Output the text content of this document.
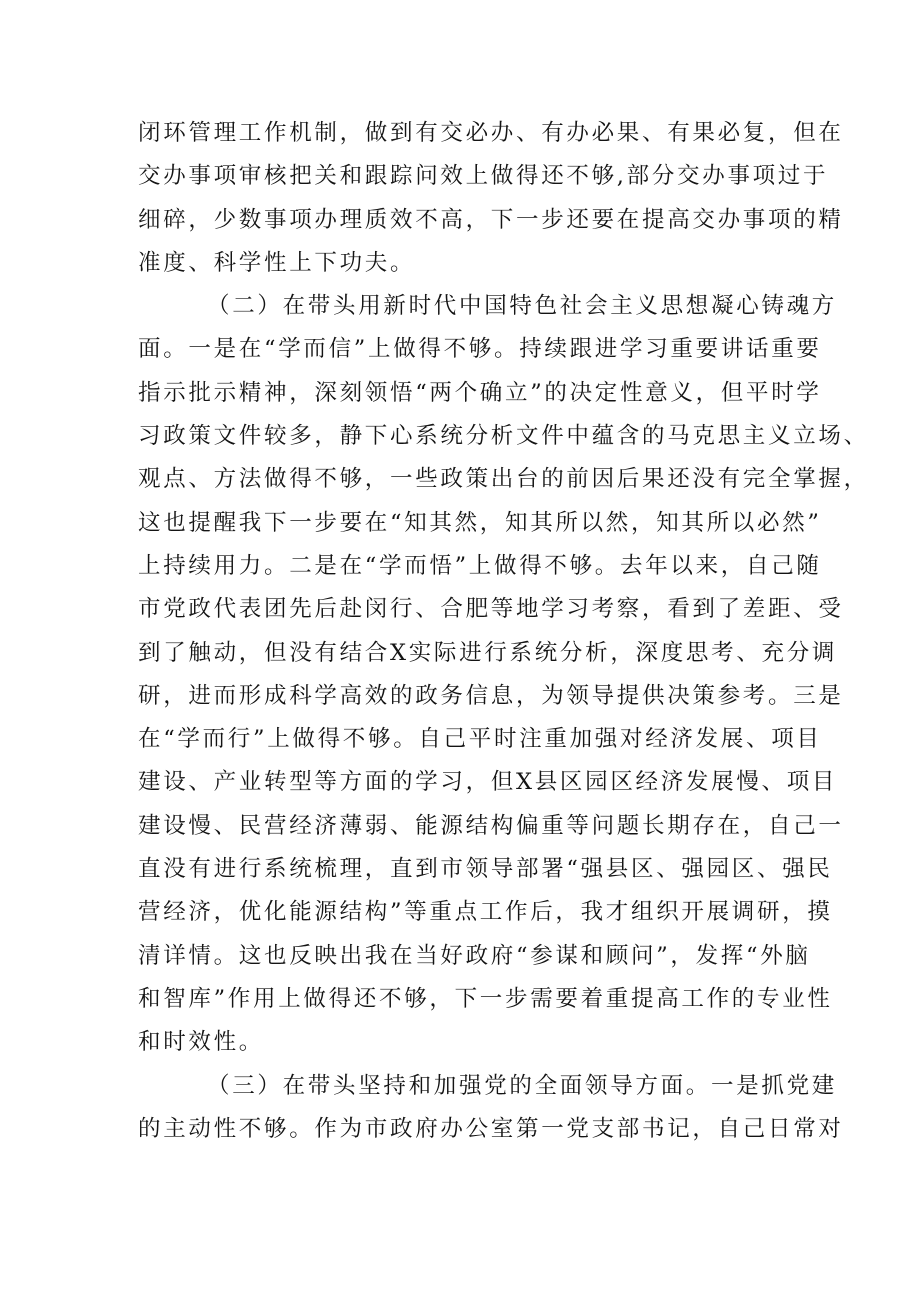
闭环管理工作机制，做到有交必办、有办必果、有果必复，但在
交办事项审核把关和跟踪问效上做得还不够,部分交办事项过于
细碎，少数事项办理质效不高，下一步还要在提高交办事项的精
准度、科学性上下功夫。
（二）在带头用新时代中国特色社会主义思想凝心铸魂方
面。一是在“学而信”上做得不够。持续跟进学习重要讲话重要
指示批示精神，深刻领悟“两个确立”的决定性意义，但平时学
习政策文件较多，静下心系统分析文件中蕴含的马克思主义立场、
观点、方法做得不够，一些政策出台的前因后果还没有完全掌握，
这也提醒我下一步要在“知其然，知其所以然，知其所以必然”
上持续用力。二是在“学而悟”上做得不够。去年以来，自己随
市党政代表团先后赴闵行、合肥等地学习考察，看到了差距、受
到了触动，但没有结合X实际进行系统分析，深度思考、充分调
研，进而形成科学高效的政务信息，为领导提供决策参考。三是
在“学而行”上做得不够。自己平时注重加强对经济发展、项目
建设、产业转型等方面的学习，但X县区园区经济发展慢、项目
建设慢、民营经济薄弱、能源结构偏重等问题长期存在，自己一
直没有进行系统梳理，直到市领导部署“强县区、强园区、强民
营经济，优化能源结构”等重点工作后，我才组织开展调研，摸
清详情。这也反映出我在当好政府“参谋和顾问”，发挥“外脑
和智库”作用上做得还不够，下一步需要着重提高工作的专业性
和时效性。
（三）在带头坚持和加强党的全面领导方面。一是抓党建
的主动性不够。作为市政府办公室第一党支部书记，自己日常对
